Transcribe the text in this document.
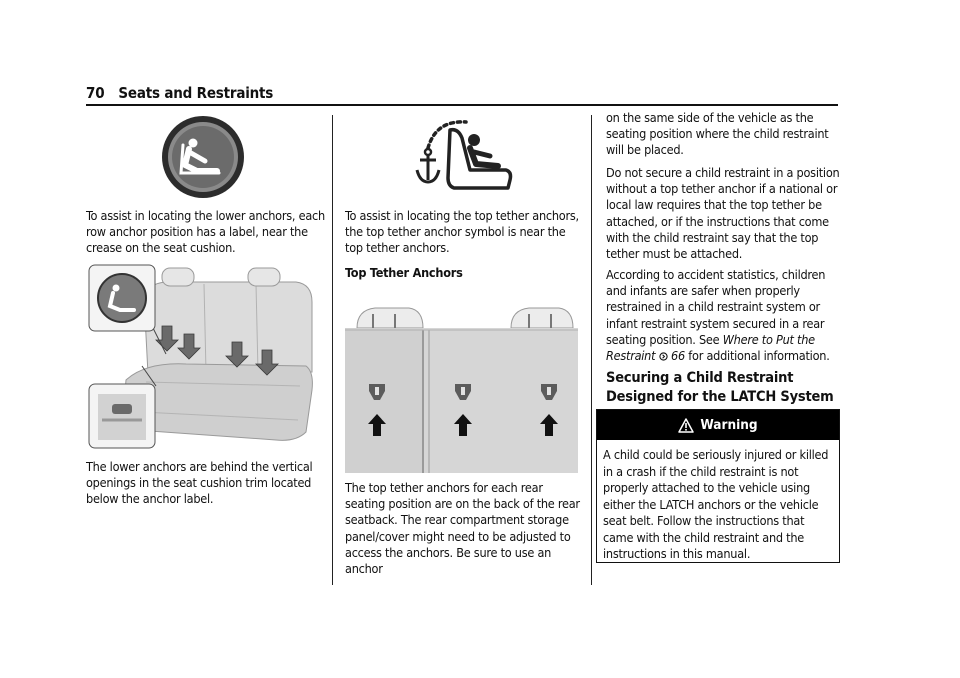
70 Seats and Restraints

To assist in locating the lower anchors, each row anchor position has a label, near the crease on the seat cushion.

The lower anchors are behind the vertical openings in the seat cushion trim located below the anchor label.

To assist in locating the top tether anchors, the top tether anchor symbol is near the top tether anchors.

Top Tether Anchors

The top tether anchors for each rear seating position are on the back of the rear seatback. The rear compartment storage panel/cover might need to be adjusted to access the anchors. Be sure to use an anchor

on the same side of the vehicle as the seating position where the child restraint will be placed.

Do not secure a child restraint in a position without a top tether anchor if a national or local law requires that the top tether be attached, or if the instructions that come with the child restraint say that the top tether must be attached.

According to accident statistics, children and infants are safer when properly restrained in a child restraint system or infant restraint system secured in a rear seating position. See Where to Put the Restraint 66 for additional information.

Securing a Child Restraint Designed for the LATCH System
Warning
A child could be seriously injured or killed in a crash if the child restraint is not properly attached to the vehicle using either the LATCH anchors or the vehicle seat belt. Follow the instructions that came with the child restraint and the instructions in this manual.
